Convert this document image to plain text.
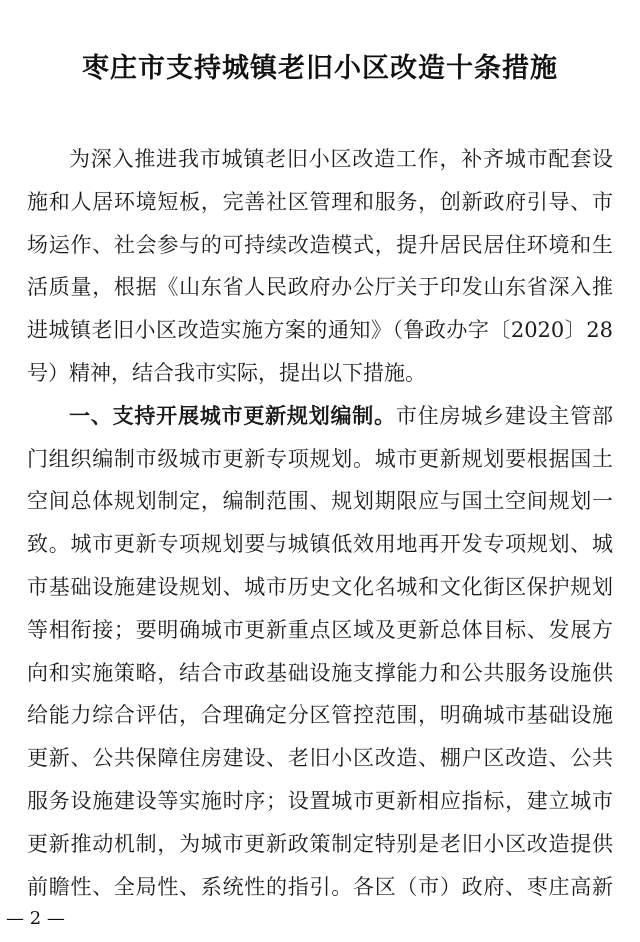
枣庄市支持城镇老旧小区改造十条措施
为深入推进我市城镇老旧小区改造工作，补齐城市配套设
施和人居环境短板，完善社区管理和服务，创新政府引导、市
场运作、社会参与的可持续改造模式，提升居民居住环境和生
活质量，根据《山东省人民政府办公厅关于印发山东省深入推
进城镇老旧小区改造实施方案的通知》（鲁政办字〔2020〕28
号）精神，结合我市实际，提出以下措施。
一、支持开展城市更新规划编制。市住房城乡建设主管部
门组织编制市级城市更新专项规划。城市更新规划要根据国土
空间总体规划制定，编制范围、规划期限应与国土空间规划一
致。城市更新专项规划要与城镇低效用地再开发专项规划、城
市基础设施建设规划、城市历史文化名城和文化街区保护规划
等相衔接；要明确城市更新重点区域及更新总体目标、发展方
向和实施策略，结合市政基础设施支撑能力和公共服务设施供
给能力综合评估，合理确定分区管控范围，明确城市基础设施
更新、公共保障住房建设、老旧小区改造、棚户区改造、公共
服务设施建设等实施时序；设置城市更新相应指标，建立城市
更新推动机制，为城市更新政策制定特别是老旧小区改造提供
前瞻性、全局性、系统性的指引。各区（市）政府、枣庄高新
— 2 —
